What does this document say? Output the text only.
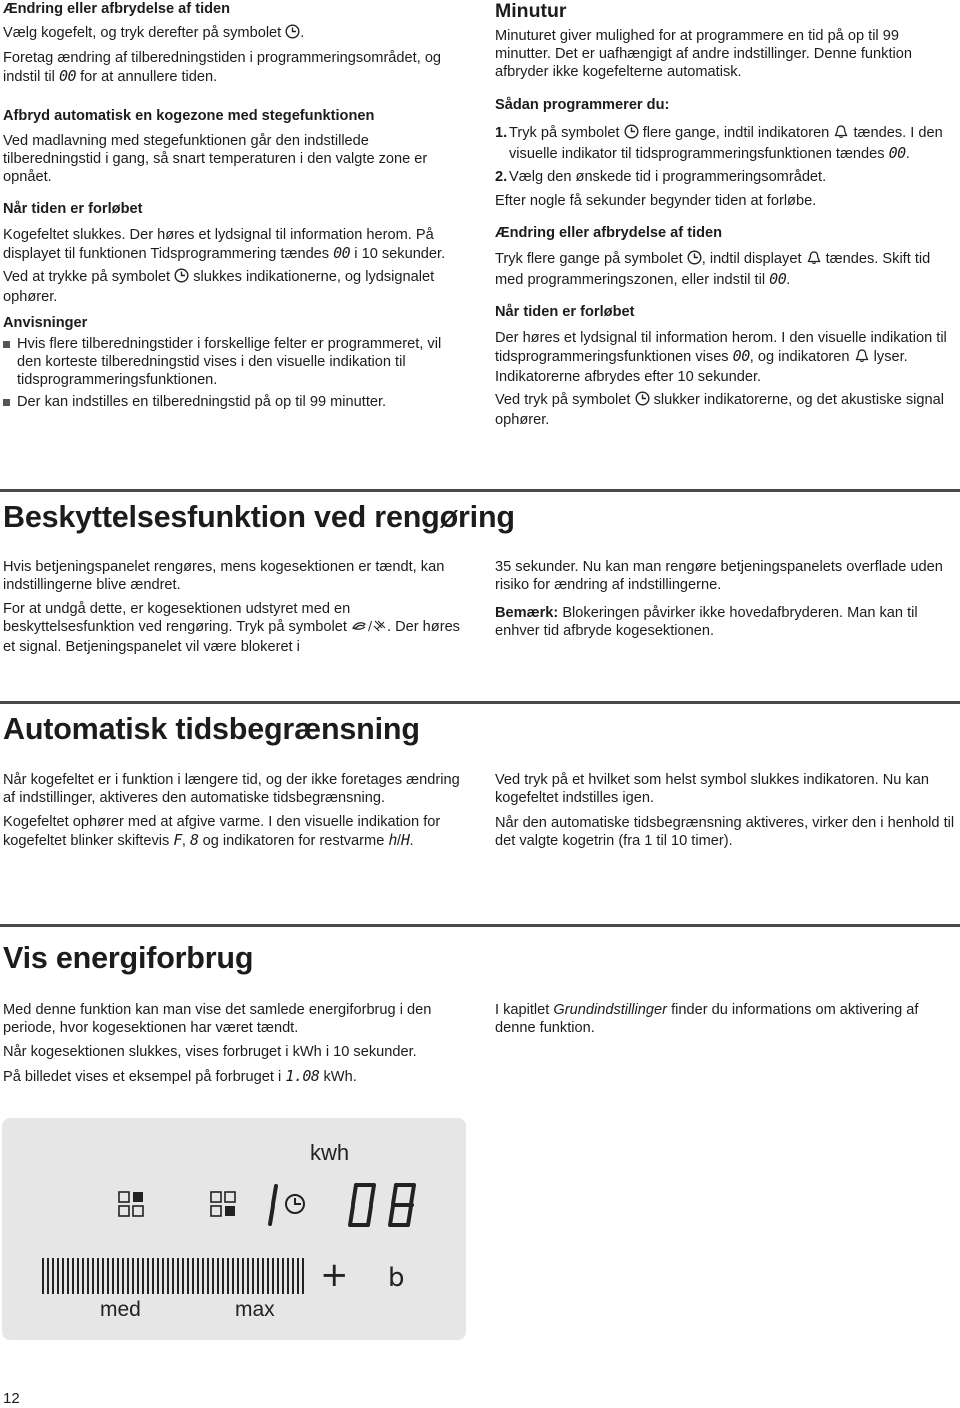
Ændring eller afbrydelse af tiden

Vælg kogefelt, og tryk derefter på symbolet .

Foretag ændring af tilberedningstiden i programmeringsområdet, og indstil til 00 for at annullere tiden.

Afbryd automatisk en kogezone med stegefunktionen

Ved madlavning med stegefunktionen går den indstillede tilberedningstid i gang, så snart temperaturen i den valgte zone er opnået.

Når tiden er forløbet

Kogefeltet slukkes. Der høres et lydsignal til information herom. På displayet til funktionen Tidsprogrammering tændes 00 i 10 sekunder.

Ved at trykke på symbolet slukkes indikationerne, og lydsignalet ophører.

Anvisninger

Hvis flere tilberedningstider i forskellige felter er programmeret, vil den korteste tilberedningstid vises i den visuelle indikation til tidsprogrammeringsfunktionen.
Der kan indstilles en tilberedningstid på op til 99 minutter.

Minutur

Minuturet giver mulighed for at programmere en tid på op til 99 minutter. Det er uafhængigt af andre indstillinger. Denne funktion afbryder ikke kogefelterne automatisk.

Sådan programmerer du:

1. Tryk på symbolet flere gange, indtil indikatoren tændes. I den visuelle indikator til tidsprogrammeringsfunktionen tændes 00.
2. Vælg den ønskede tid i programmeringsområdet.

Efter nogle få sekunder begynder tiden at forløbe.

Ændring eller afbrydelse af tiden

Tryk flere gange på symbolet , indtil displayet tændes. Skift tid med programmeringszonen, eller indstil til 00.

Når tiden er forløbet

Der høres et lydsignal til information herom. I den visuelle indikation til tidsprogrammeringsfunktionen vises 00, og indikatoren lyser. Indikatorerne afbrydes efter 10 sekunder.

Ved tryk på symbolet slukker indikatorerne, og det akustiske signal ophører.

Beskyttelsesfunktion ved rengøring

Hvis betjeningspanelet rengøres, mens kogesektionen er tændt, kan indstillingerne blive ændret.

For at undgå dette, er kogesektionen udstyret med en beskyttelsesfunktion ved rengøring. Tryk på symbolet / . Der høres et signal. Betjeningspanelet vil være blokeret i

35 sekunder. Nu kan man rengøre betjeningspanelets overflade uden risiko for ændring af indstillingerne.

Bemærk: Blokeringen påvirker ikke hovedafbryderen. Man kan til enhver tid afbryde kogesektionen.

Automatisk tidsbegrænsning

Når kogefeltet er i funktion i længere tid, og der ikke foretages ændring af indstillinger, aktiveres den automatiske tidsbegrænsning.

Kogefeltet ophører med at afgive varme. I den visuelle indikation for kogefeltet blinker skiftevis F, 8 og indikatoren for restvarme h/H.

Ved tryk på et hvilket som helst symbol slukkes indikatoren. Nu kan kogefeltet indstilles igen.

Når den automatiske tidsbegrænsning aktiveres, virker den i henhold til det valgte kogetrin (fra 1 til 10 timer).

Vis energiforbrug

Med denne funktion kan man vise det samlede energiforbrug i den periode, hvor kogesektionen har været tændt.

Når kogesektionen slukkes, vises forbruget i kWh i 10 sekunder.

På billedet vises et eksempel på forbruget i 1.08 kWh.

I kapitlet Grundindstillinger finder du informations om aktivering af denne funktion.

kwh
+ b
med	max
12
